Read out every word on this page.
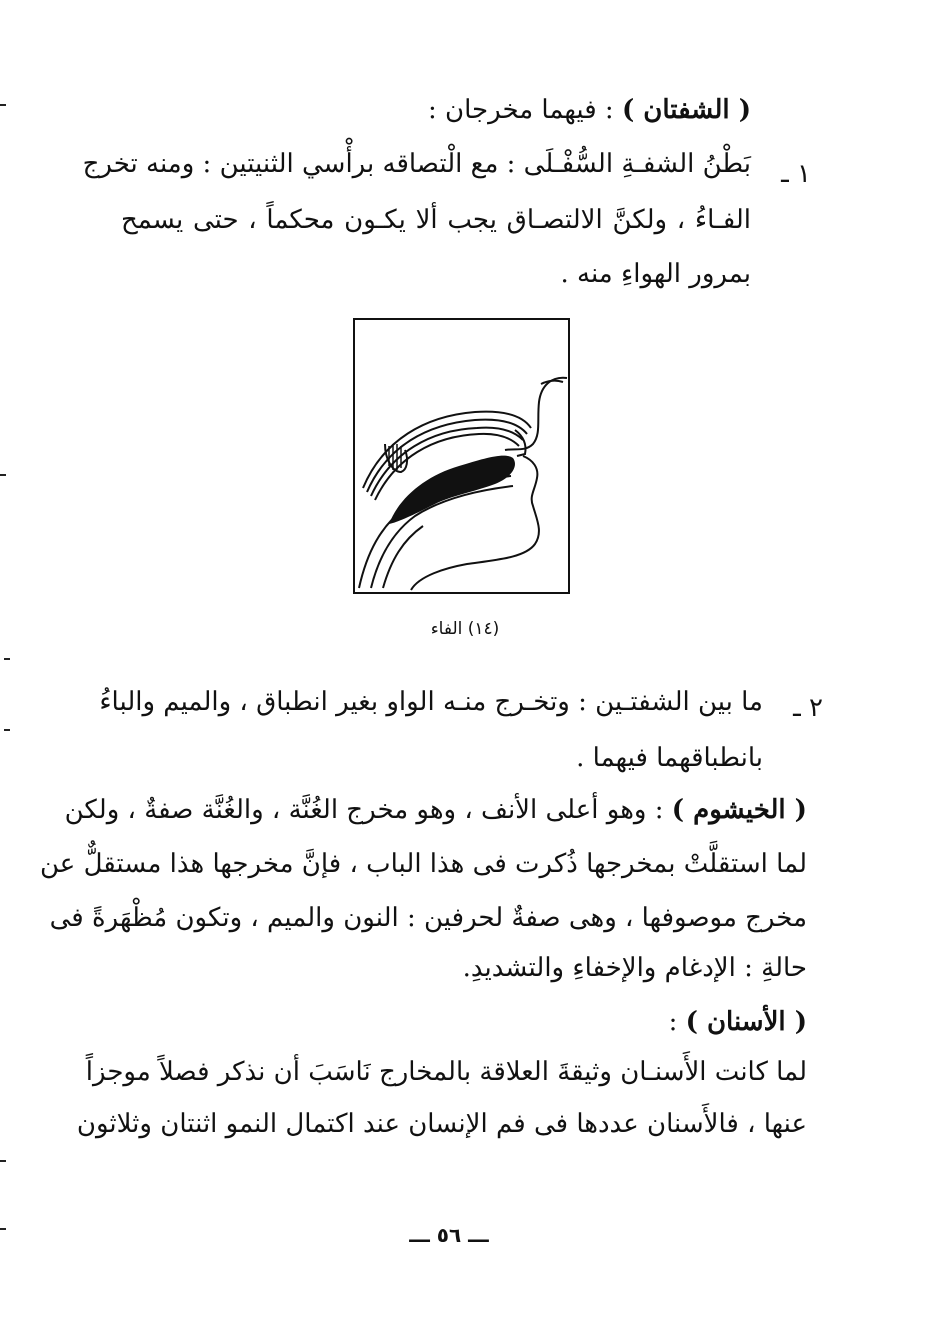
( الشفتان ) : فيهما مخرجان :
١ ـ
بَطْنُ الشفـةِ السُّفْـلَى : مع الْتصاقه برأْسي الثنيتين : ومنه تخرج
الفـاءُ ، ولكنَّ الالتصـاق يجب ألا يكـون محكماً ، حتى يسمح
بمرور الهواءِ منه .
(١٤) الفاء
٢ ـ
ما بين الشفتـين : وتخـرج منـه الواو بغير انطباق ، والميم والباءُ
بانطباقهما فيهما .
( الخيشوم ) : وهو أعلى الأنف ، وهو مخرج الغُنَّة ، والغُنَّة صفةٌ ، ولكن
لما استقلَّتْ بمخرجها ذُكرت فى هذا الباب ، فإنَّ مخرجها هذا مستقلٌّ عن
مخرج موصوفها ، وهى صفةٌ لحرفين : النون والميم ، وتكون مُظْهَرةً فى
حالةِ : الإدغام والإخفاءِ والتشديدِ.
( الأسنان ) :
لما كانت الأَسنـان وثيقةَ العلاقة بالمخارج نَاسَبَ أن نذكر فصلاً موجزاً
عنها ، فالأَسنان عددها فى فم الإنسان عند اكتمال النمو اثنتان وثلاثون
ـــ ٥٦ ـــ
